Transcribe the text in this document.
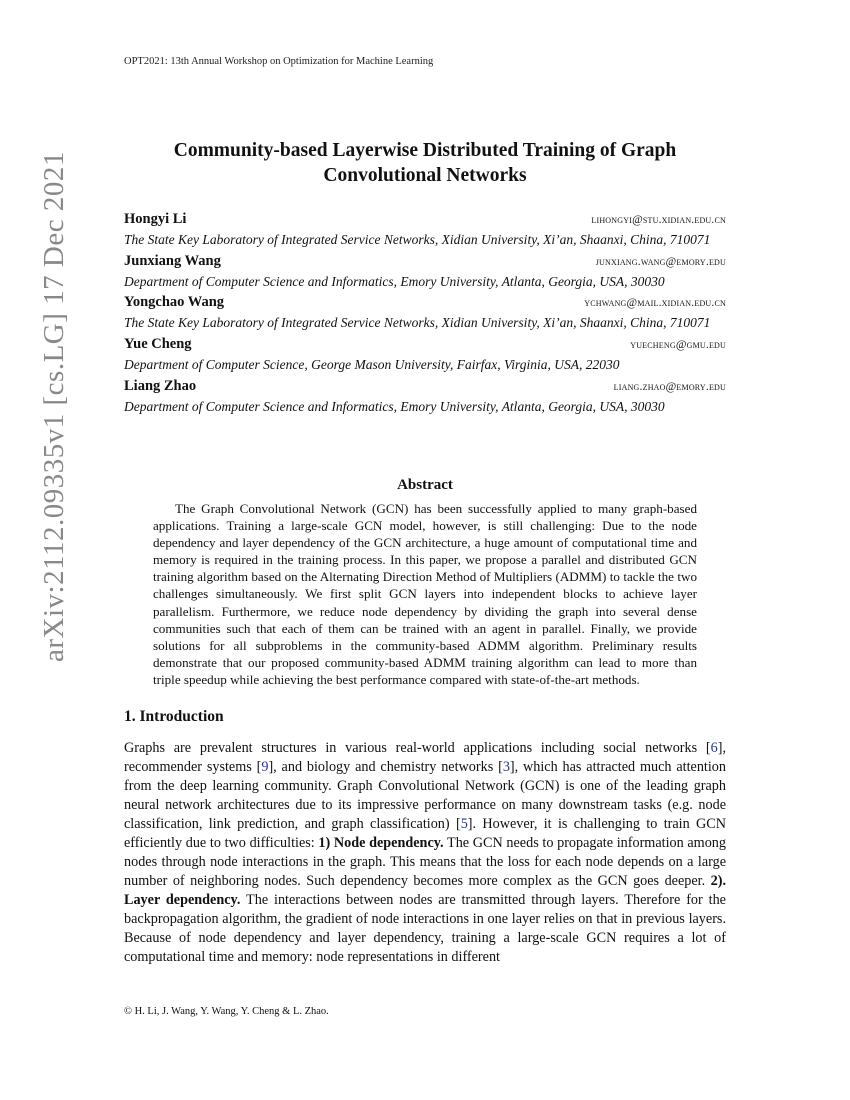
OPT2021: 13th Annual Workshop on Optimization for Machine Learning
arXiv:2112.09335v1 [cs.LG] 17 Dec 2021
Community-based Layerwise Distributed Training of Graph
Convolutional Networks
Hongyi Li	lihongyi@stu.xidian.edu.cn
The State Key Laboratory of Integrated Service Networks, Xidian University, Xi’an, Shaanxi, China, 710071
Junxiang Wang	junxiang.wang@emory.edu
Department of Computer Science and Informatics, Emory University, Atlanta, Georgia, USA, 30030
Yongchao Wang	ychwang@mail.xidian.edu.cn
The State Key Laboratory of Integrated Service Networks, Xidian University, Xi’an, Shaanxi, China, 710071
Yue Cheng	yuecheng@gmu.edu
Department of Computer Science, George Mason University, Fairfax, Virginia, USA, 22030
Liang Zhao	liang.zhao@emory.edu
Department of Computer Science and Informatics, Emory University, Atlanta, Georgia, USA, 30030
Abstract

The Graph Convolutional Network (GCN) has been successfully applied to many graph-based applications. Training a large-scale GCN model, however, is still challenging: Due to the node dependency and layer dependency of the GCN architecture, a huge amount of computational time and memory is required in the training process. In this paper, we propose a parallel and distributed GCN training algorithm based on the Alternating Direction Method of Multipliers (ADMM) to tackle the two challenges simultaneously. We first split GCN layers into independent blocks to achieve layer parallelism. Furthermore, we reduce node dependency by dividing the graph into several dense communities such that each of them can be trained with an agent in parallel. Finally, we provide solutions for all subproblems in the community-based ADMM algorithm. Preliminary results demonstrate that our proposed community-based ADMM training algorithm can lead to more than triple speedup while achieving the best performance compared with state-of-the-art methods.

1. Introduction

Graphs are prevalent structures in various real-world applications including social networks [6], recommender systems [9], and biology and chemistry networks [3], which has attracted much attention from the deep learning community. Graph Convolutional Network (GCN) is one of the leading graph neural network architectures due to its impressive performance on many downstream tasks (e.g. node classification, link prediction, and graph classification) [5]. However, it is challenging to train GCN efficiently due to two difficulties: 1) Node dependency. The GCN needs to propagate information among nodes through node interactions in the graph. This means that the loss for each node depends on a large number of neighboring nodes. Such dependency becomes more complex as the GCN goes deeper. 2). Layer dependency. The interactions between nodes are transmitted through layers. Therefore for the backpropagation algorithm, the gradient of node interactions in one layer relies on that in previous layers. Because of node dependency and layer dependency, training a large-scale GCN requires a lot of computational time and memory: node representations in different

© H. Li, J. Wang, Y. Wang, Y. Cheng & L. Zhao.
